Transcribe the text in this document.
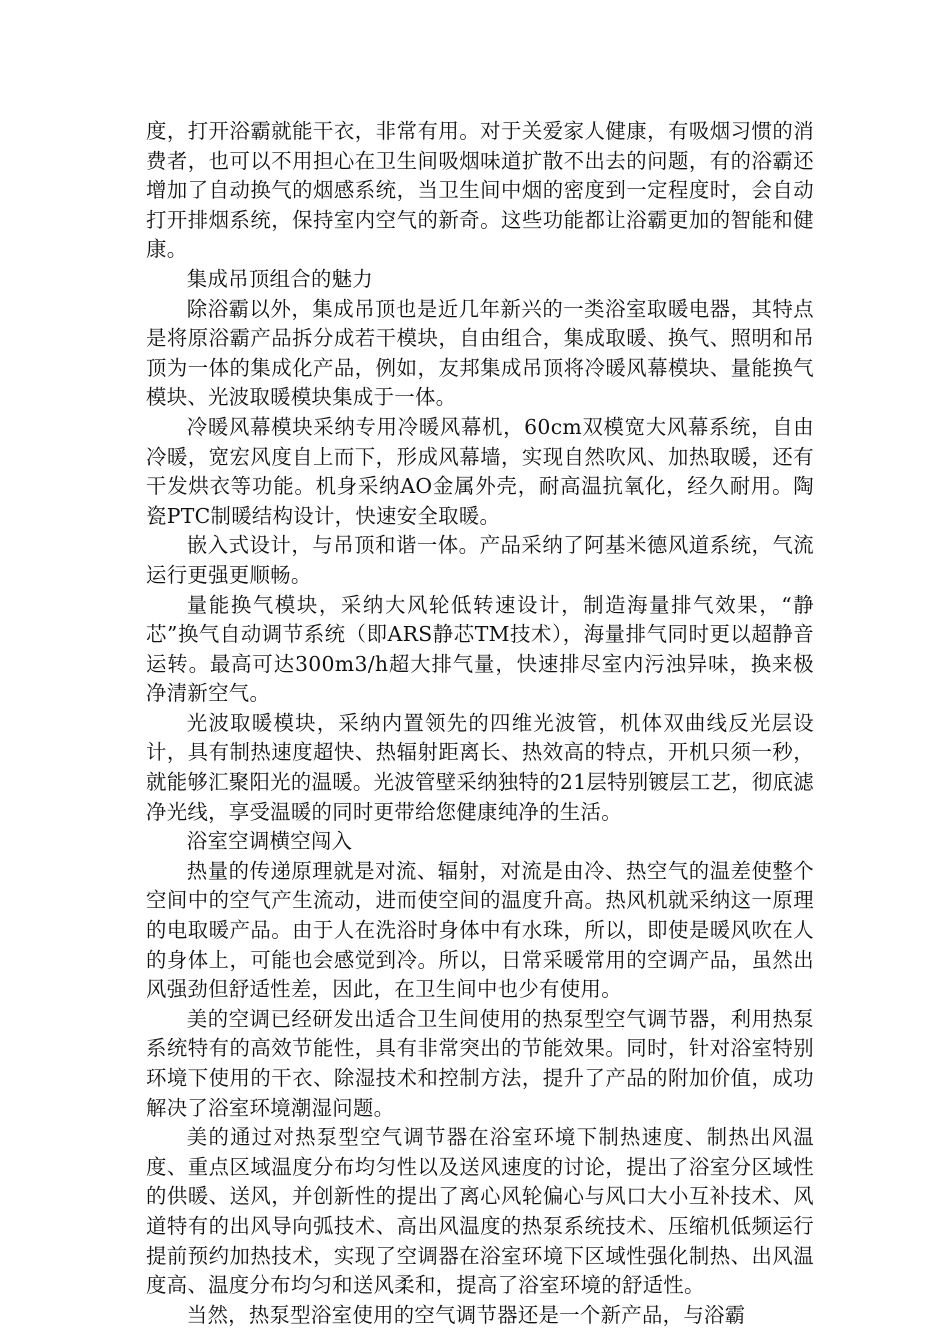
度，打开浴霸就能干衣，非常有用。对于关爱家人健康，有吸烟习惯的消费者，也可以不用担心在卫生间吸烟味道扩散不出去的问题，有的浴霸还增加了自动换气的烟感系统，当卫生间中烟的密度到一定程度时，会自动打开排烟系统，保持室内空气的新奇。这些功能都让浴霸更加的智能和健康。

集成吊顶组合的魅力

除浴霸以外，集成吊顶也是近几年新兴的一类浴室取暖电器，其特点是将原浴霸产品拆分成若干模块，自由组合，集成取暖、换气、照明和吊顶为一体的集成化产品，例如，友邦集成吊顶将冷暖风幕模块、量能换气模块、光波取暖模块集成于一体。

冷暖风幕模块采纳专用冷暖风幕机，60cm双模宽大风幕系统，自由冷暖，宽宏风度自上而下，形成风幕墙，实现自然吹风、加热取暖，还有干发烘衣等功能。机身采纳AO金属外壳，耐高温抗氧化，经久耐用。陶瓷PTC制暖结构设计，快速安全取暖。

嵌入式设计，与吊顶和谐一体。产品采纳了阿基米德风道系统，气流运行更强更顺畅。

量能换气模块，采纳大风轮低转速设计，制造海量排气效果，“静芯”换气自动调节系统（即ARS静芯TM技术），海量排气同时更以超静音运转。最高可达300m3/h超大排气量，快速排尽室内污浊异味，换来极净清新空气。

光波取暖模块，采纳内置领先的四维光波管，机体双曲线反光层设计，具有制热速度超快、热辐射距离长、热效高的特点，开机只须一秒，就能够汇聚阳光的温暖。光波管壁采纳独特的21层特别镀层工艺，彻底滤净光线，享受温暖的同时更带给您健康纯净的生活。

浴室空调横空闯入

热量的传递原理就是对流、辐射，对流是由冷、热空气的温差使整个空间中的空气产生流动，进而使空间的温度升高。热风机就采纳这一原理的电取暖产品。由于人在洗浴时身体中有水珠，所以，即使是暖风吹在人的身体上，可能也会感觉到冷。所以，日常采暖常用的空调产品，虽然出风强劲但舒适性差，因此，在卫生间中也少有使用。

美的空调已经研发出适合卫生间使用的热泵型空气调节器，利用热泵系统特有的高效节能性，具有非常突出的节能效果。同时，针对浴室特别环境下使用的干衣、除湿技术和控制方法，提升了产品的附加价值，成功解决了浴室环境潮湿问题。

美的通过对热泵型空气调节器在浴室环境下制热速度、制热出风温度、重点区域温度分布均匀性以及送风速度的讨论，提出了浴室分区域性的供暖、送风，并创新性的提出了离心风轮偏心与风口大小互补技术、风道特有的出风导向弧技术、高出风温度的热泵系统技术、压缩机低频运行提前预约加热技术，实现了空调器在浴室环境下区域性强化制热、出风温度高、温度分布均匀和送风柔和，提高了浴室环境的舒适性。

当然，热泵型浴室使用的空气调节器还是一个新产品，与浴霸
